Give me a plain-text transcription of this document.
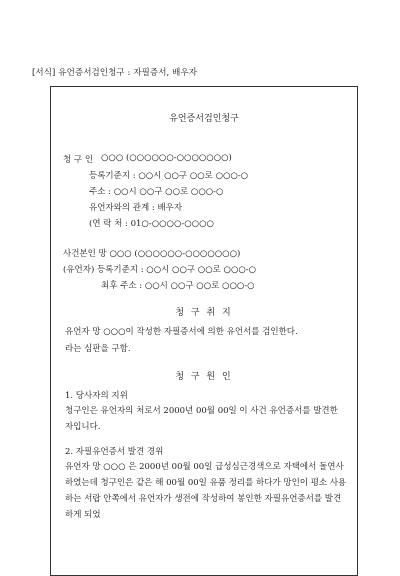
[서식] 유언증서검인청구 : 자필증서, 배우자
유언증서검인청구
청 구 인 ○○○ (○○○○○○-○○○○○○○)
등록기준지 : ○○시 ○○구 ○○로 ○○○-○
주소 : ○○시 ○○구 ○○로 ○○○-○
유언자와의 관계 : 배우자
(연 락 처 : 01○-○○○○-○○○○
사건본인 망 ○○○ (○○○○○○-○○○○○○○)
(유언자) 등록기준지 : ○○시 ○○구 ○○로 ○○○-○
최후 주소 : ○○시 ○○구 ○○로 ○○○-○
청 구 취 지
유언자 망 ○○○이 작성한 자필증서에 의한 유언서를 검인한다.
라는 심판을 구함.
청 구 원 인
1. 당사자의 지위
청구인은 유언자의 처로서 2000년 00월 00일 이 사건 유언증서를 발견한 자입니다.
2. 자필유언증서 발견 경위
유언자 망 ○○○ 은 2000년 00월 00일 급성심근경색으로 자택에서 돌연사하였는데 청구인은 같은 해 00월 00일 유품 정리를 하다가 망인이 평소 사용하는 서랍 안쪽에서 유언자가 생전에 작성하여 봉인한 자필유언증서를 발견하게 되었
